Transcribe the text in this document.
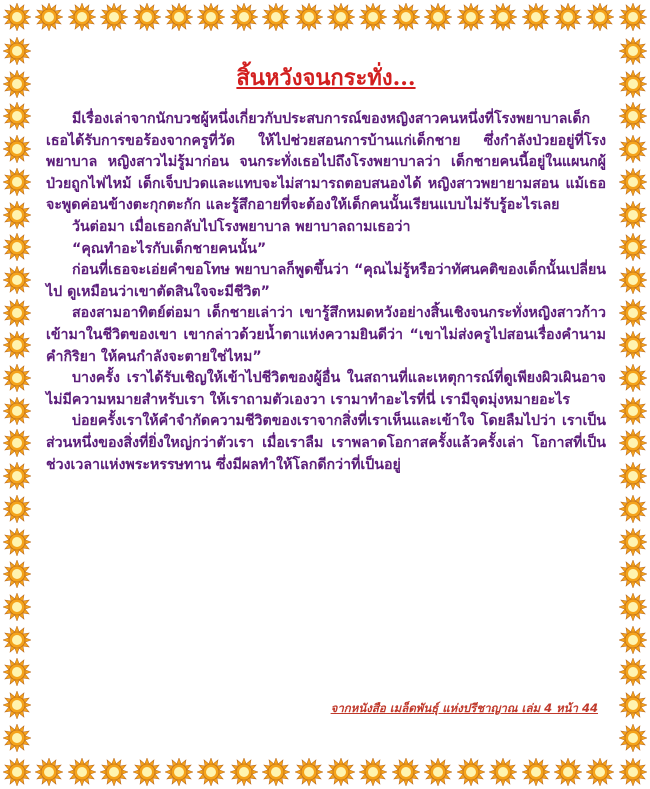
สิ้นหวังจนกระทั่ง...

มีเรื่องเล่าจากนักบวชผู้หนึ่งเกี่ยวกับประสบการณ์ของหญิงสาวคนหนึ่งที่โรงพยาบาลเด็ก เธอได้รับการขอร้องจากครูที่วัด ให้ไปช่วยสอนการบ้านแก่เด็กชาย ซึ่งกำลังป่วยอยู่ที่โรงพยาบาล หญิงสาวไม่รู้มาก่อน จนกระทั่งเธอไปถึงโรงพยาบาลว่า เด็กชายคนนี้อยู่ในแผนกผู้ป่วยถูกไฟไหม้ เด็กเจ็บปวดและแทบจะไม่สามารถตอบสนองได้ หญิงสาวพยายามสอน แม้เธอจะพูดค่อนข้างตะกุกตะกัก และรู้สึกอายที่จะต้องให้เด็กคนนั้นเรียนแบบไม่รับรู้อะไรเลย

วันต่อมา เมื่อเธอกลับไปโรงพยาบาล พยาบาลถามเธอว่า

“คุณทำอะไรกับเด็กชายคนนั้น”

ก่อนที่เธอจะเอ่ยคำขอโทษ พยาบาลก็พูดขึ้นว่า “คุณไม่รู้หรือว่าทัศนคติของเด็กนั้นเปลี่ยนไป ดูเหมือนว่าเขาตัดสินใจจะมีชีวิต”

สองสามอาทิตย์ต่อมา เด็กชายเล่าว่า เขารู้สึกหมดหวังอย่างสิ้นเชิงจนกระทั่งหญิงสาวก้าวเข้ามาในชีวิตของเขา เขากล่าวด้วยน้ำตาแห่งความยินดีว่า “เขาไม่ส่งครูไปสอนเรื่องคำนาม คำกิริยา ให้คนกำลังจะตายใช่ไหม”

บางครั้ง เราได้รับเชิญให้เข้าไปชีวิตของผู้อื่น ในสถานที่และเหตุการณ์ที่ดูเพียงผิวเผินอาจไม่มีความหมายสำหรับเรา ให้เราถามตัวเองวา เรามาทำอะไรที่นี่ เรามีจุดมุ่งหมายอะไร

บ่อยครั้งเราให้คำจำกัดความชีวิตของเราจากสิ่งที่เราเห็นและเข้าใจ โดยลืมไปว่า เราเป็นส่วนหนึ่งของสิ่งที่ยิ่งใหญ่กว่าตัวเรา เมื่อเราลืม เราพลาดโอกาสครั้งแล้วครั้งเล่า โอกาสที่เป็นช่วงเวลาแห่งพระหรรษทาน ซึ่งมีผลทำให้โลกดีกว่าที่เป็นอยู่

จากหนังสือ เมล็ดพันธุ์ แห่งปรีชาญาณ เล่ม 4 หน้า 44
